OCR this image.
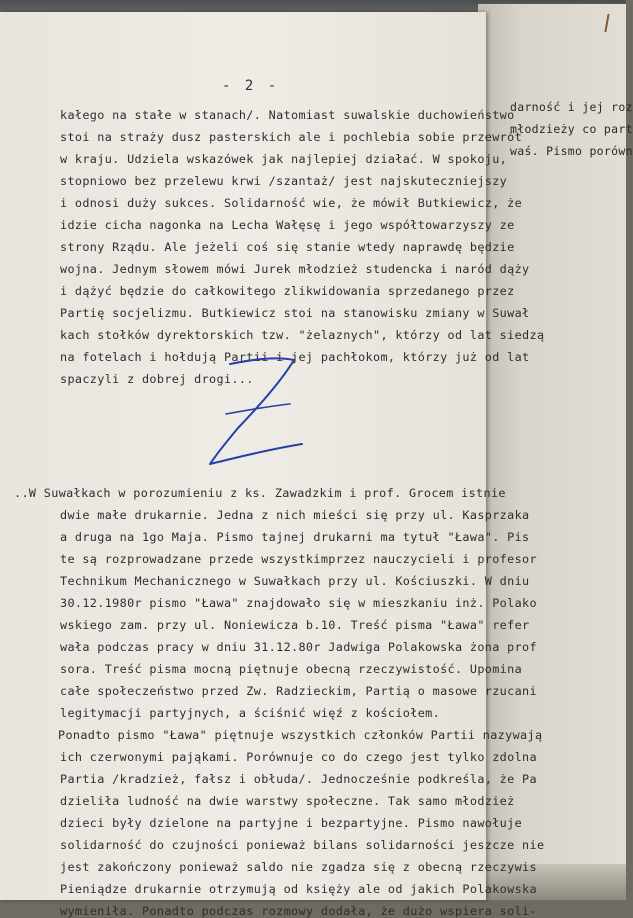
darność i jej roz
młodzieży co part
waś. Pismo porówn
- 2 -
kałego na stałe w stanach/. Natomiast suwalskie duchowieństwo
stoi na straży dusz pasterskich ale i pochlebia sobie przewrót
w kraju. Udziela wskazówek jak najlepiej działać. W spokoju,
stopniowo bez przelewu krwi /szantaż/ jest najskuteczniejszy
i odnosi duży sukces. Solidarność wie, że mówił Butkiewicz, że
idzie cicha nagonka na Lecha Wałęsę i jego współtowarzyszy ze
strony Rządu. Ale jeżeli coś się stanie wtedy naprawdę będzie
wojna. Jednym słowem mówi Jurek młodzież studencka i naród dąży
i dążyć będzie do całkowitego zlikwidowania sprzedanego przez
Partię socjelizmu. Butkiewicz stoi na stanowisku zmiany w Suwał
kach stołków dyrektorskich tzw. "żelaznych", którzy od lat siedzą
na fotelach i hołdują Partii i jej pachłokom, którzy już od lat
spaczyli z dobrej drogi...
..W Suwałkach w porozumieniu z ks. Zawadzkim i prof. Grocem istnie
dwie małe drukarnie. Jedna z nich mieści się przy ul. Kasprzaka
a druga na 1go Maja. Pismo tajnej drukarni ma tytuł "Ława". Pis
te są rozprowadzane przede wszystkimprzez nauczycieli i profesor
Technikum Mechanicznego w Suwałkach przy ul. Kościuszki. W dniu
30.12.1980r pismo "Ława" znajdowało się w mieszkaniu inż. Polako
wskiego zam. przy ul. Noniewicza b.10. Treść pisma "Ława" refer
wała podczas pracy w dniu 31.12.80r Jadwiga Polakowska żona prof
sora. Treść pisma mocną piętnuje obecną rzeczywistość. Upomina
całe społeczeństwo przed Zw. Radzieckim, Partią o masowe rzucani
legitymacji partyjnych, a ściśnić więź z kościołem.
Ponadto pismo "Ława" piętnuje wszystkich członków Partii nazywają
ich czerwonymi pająkami. Porównuje co do czego jest tylko zdolna
Partia /kradzież, fałsz i obłuda/. Jednocześnie podkreśla, że Pa
dzieliła ludność na dwie warstwy społeczne. Tak samo młodzież
dzieci były dzielone na partyjne i bezpartyjne. Pismo nawołuje
solidarność do czujności ponieważ bilans solidarności jeszcze nie
jest zakończony ponieważ saldo nie zgadza się z obecną rzeczywis
Pieniądze drukarnie otrzymują od księży ale od jakich Polakowska
wymieniła. Ponadto podczas rozmowy dodała, że dużo wspiera soli-
